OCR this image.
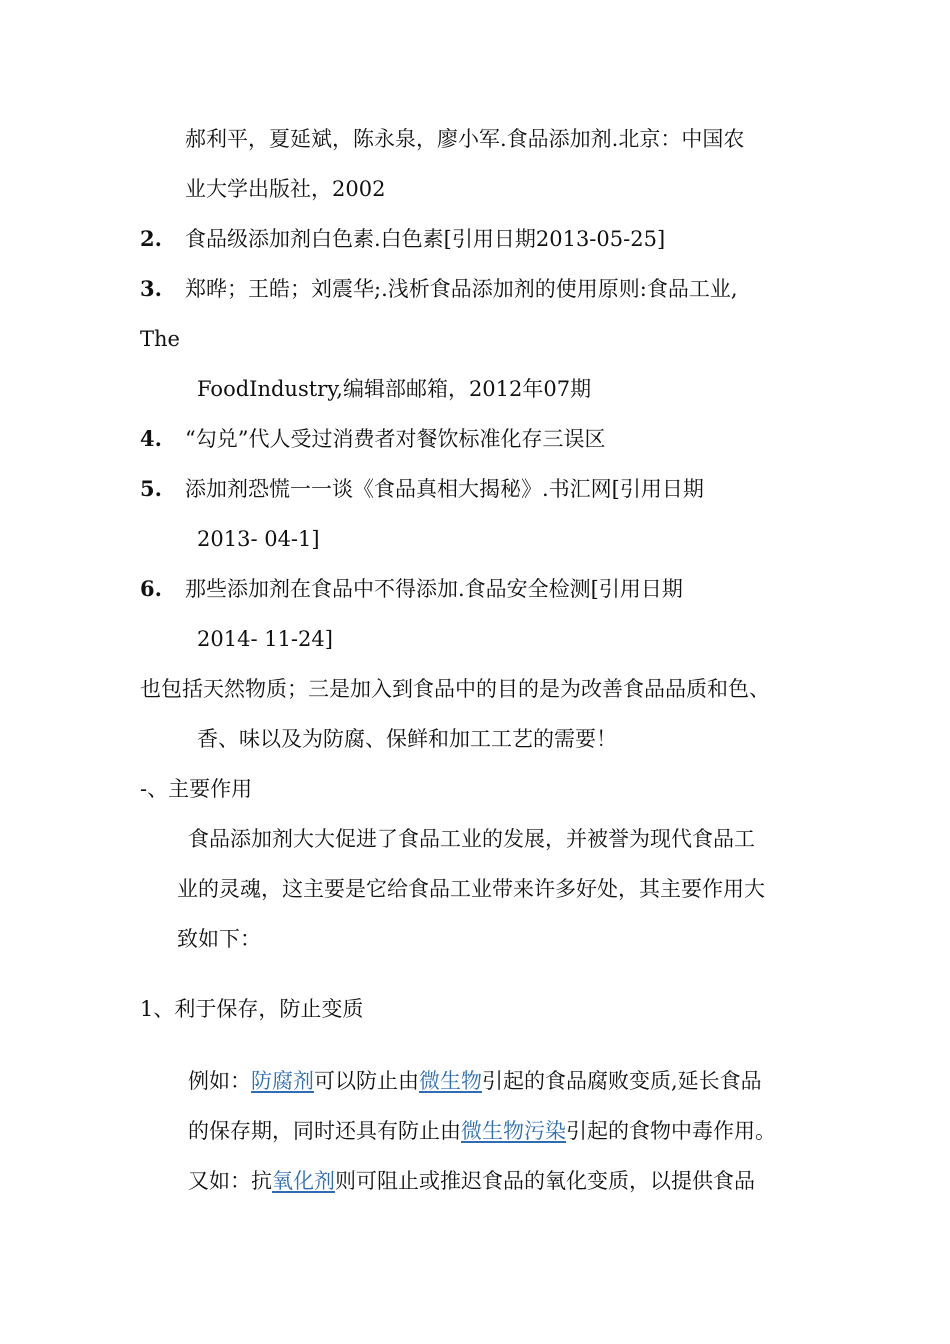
郝利平，夏延斌，陈永泉，廖小军.食品添加剂.北京：中国农
业大学出版社，2002
2. 食品级添加剂白色素.白色素[引用日期2013-05-25]
3. 郑晔；王皓；刘震华;.浅析食品添加剂的使用原则:食品工业,
The
FoodIndustry,编辑部邮箱，2012年07期
4. “勾兑”代人受过消费者对餐饮标准化存三误区
5. 添加剂恐慌一一谈《食品真相大揭秘》.书汇网[引用日期
2013- 04-1]
6. 那些添加剂在食品中不得添加.食品安全检测[引用日期
2014- 11-24]
也包括天然物质；三是加入到食品中的目的是为改善食品品质和色、
香、味以及为防腐、保鲜和加工工艺的需要！
-、主要作用
食品添加剂大大促进了食品工业的发展，并被誉为现代食品工
业的灵魂，这主要是它给食品工业带来许多好处，其主要作用大
致如下：
1、利于保存，防止变质
例如：防腐剂可以防止由微生物引起的食品腐败变质,延长食品
的保存期，同时还具有防止由微生物污染引起的食物中毒作用。
又如：抗氧化剂则可阻止或推迟食品的氧化变质，以提供食品
